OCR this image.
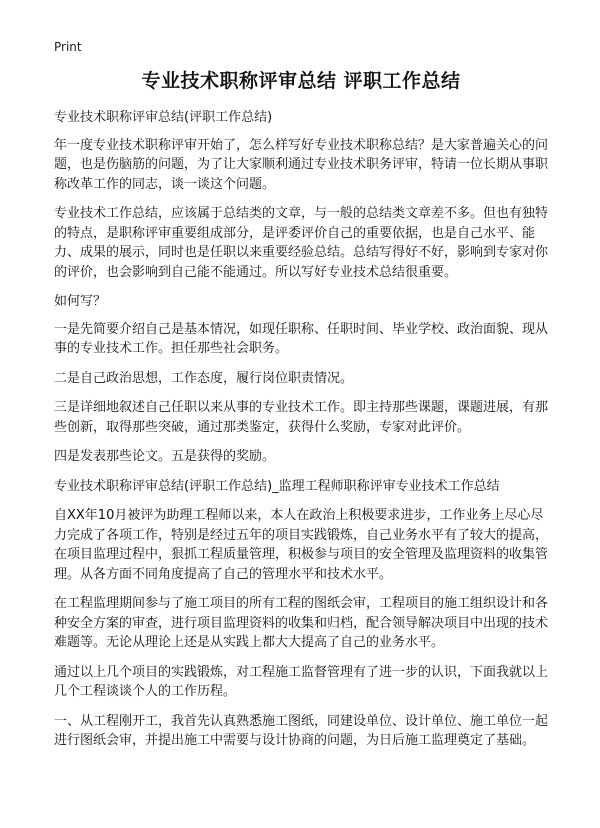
Print
专业技术职称评审总结 评职工作总结
专业技术职称评审总结(评职工作总结)
年一度专业技术职称评审开始了，怎么样写好专业技术职称总结？是大家普遍关心的问题，也是伤脑筋的问题，为了让大家顺利通过专业技术职务评审，特请一位长期从事职称改革工作的同志，谈一谈这个问题。
专业技术工作总结，应该属于总结类的文章，与一般的总结类文章差不多。但也有独特的特点，是职称评审重要组成部分，是评委评价自己的重要依据，也是自己水平、能力、成果的展示，同时也是任职以来重要经验总结。总结写得好不好，影响到专家对你的评价，也会影响到自己能不能通过。所以写好专业技术总结很重要。
如何写？
一是先简要介绍自己是基本情况，如现任职称、任职时间、毕业学校、政治面貌、现从事的专业技术工作。担任那些社会职务。
二是自己政治思想，工作态度，履行岗位职责情况。
三是详细地叙述自己任职以来从事的专业技术工作。即主持那些课题，课题进展，有那些创新，取得那些突破，通过那类鉴定，获得什么奖励，专家对此评价。
四是发表那些论文。五是获得的奖励。
专业技术职称评审总结(评职工作总结)_监理工程师职称评审专业技术工作总结
自XX年10月被评为助理工程师以来，本人在政治上积极要求进步，工作业务上尽心尽力完成了各项工作，特别是经过五年的项目实践锻炼，自己业务水平有了较大的提高，在项目监理过程中，狠抓工程质量管理，积极参与项目的安全管理及监理资料的收集管理。从各方面不同角度提高了自己的管理水平和技术水平。
在工程监理期间参与了施工项目的所有工程的图纸会审，工程项目的施工组织设计和各种安全方案的审查，进行项目监理资料的收集和归档，配合领导解决项目中出现的技术难题等。无论从理论上还是从实践上都大大提高了自己的业务水平。
通过以上几个项目的实践锻炼，对工程施工监督管理有了进一步的认识，下面我就以上几个工程谈谈个人的工作历程。
一、从工程刚开工，我首先认真熟悉施工图纸，同建设单位、设计单位、施工单位一起进行图纸会审，并提出施工中需要与设计协商的问题，为日后施工监理奠定了基础。
